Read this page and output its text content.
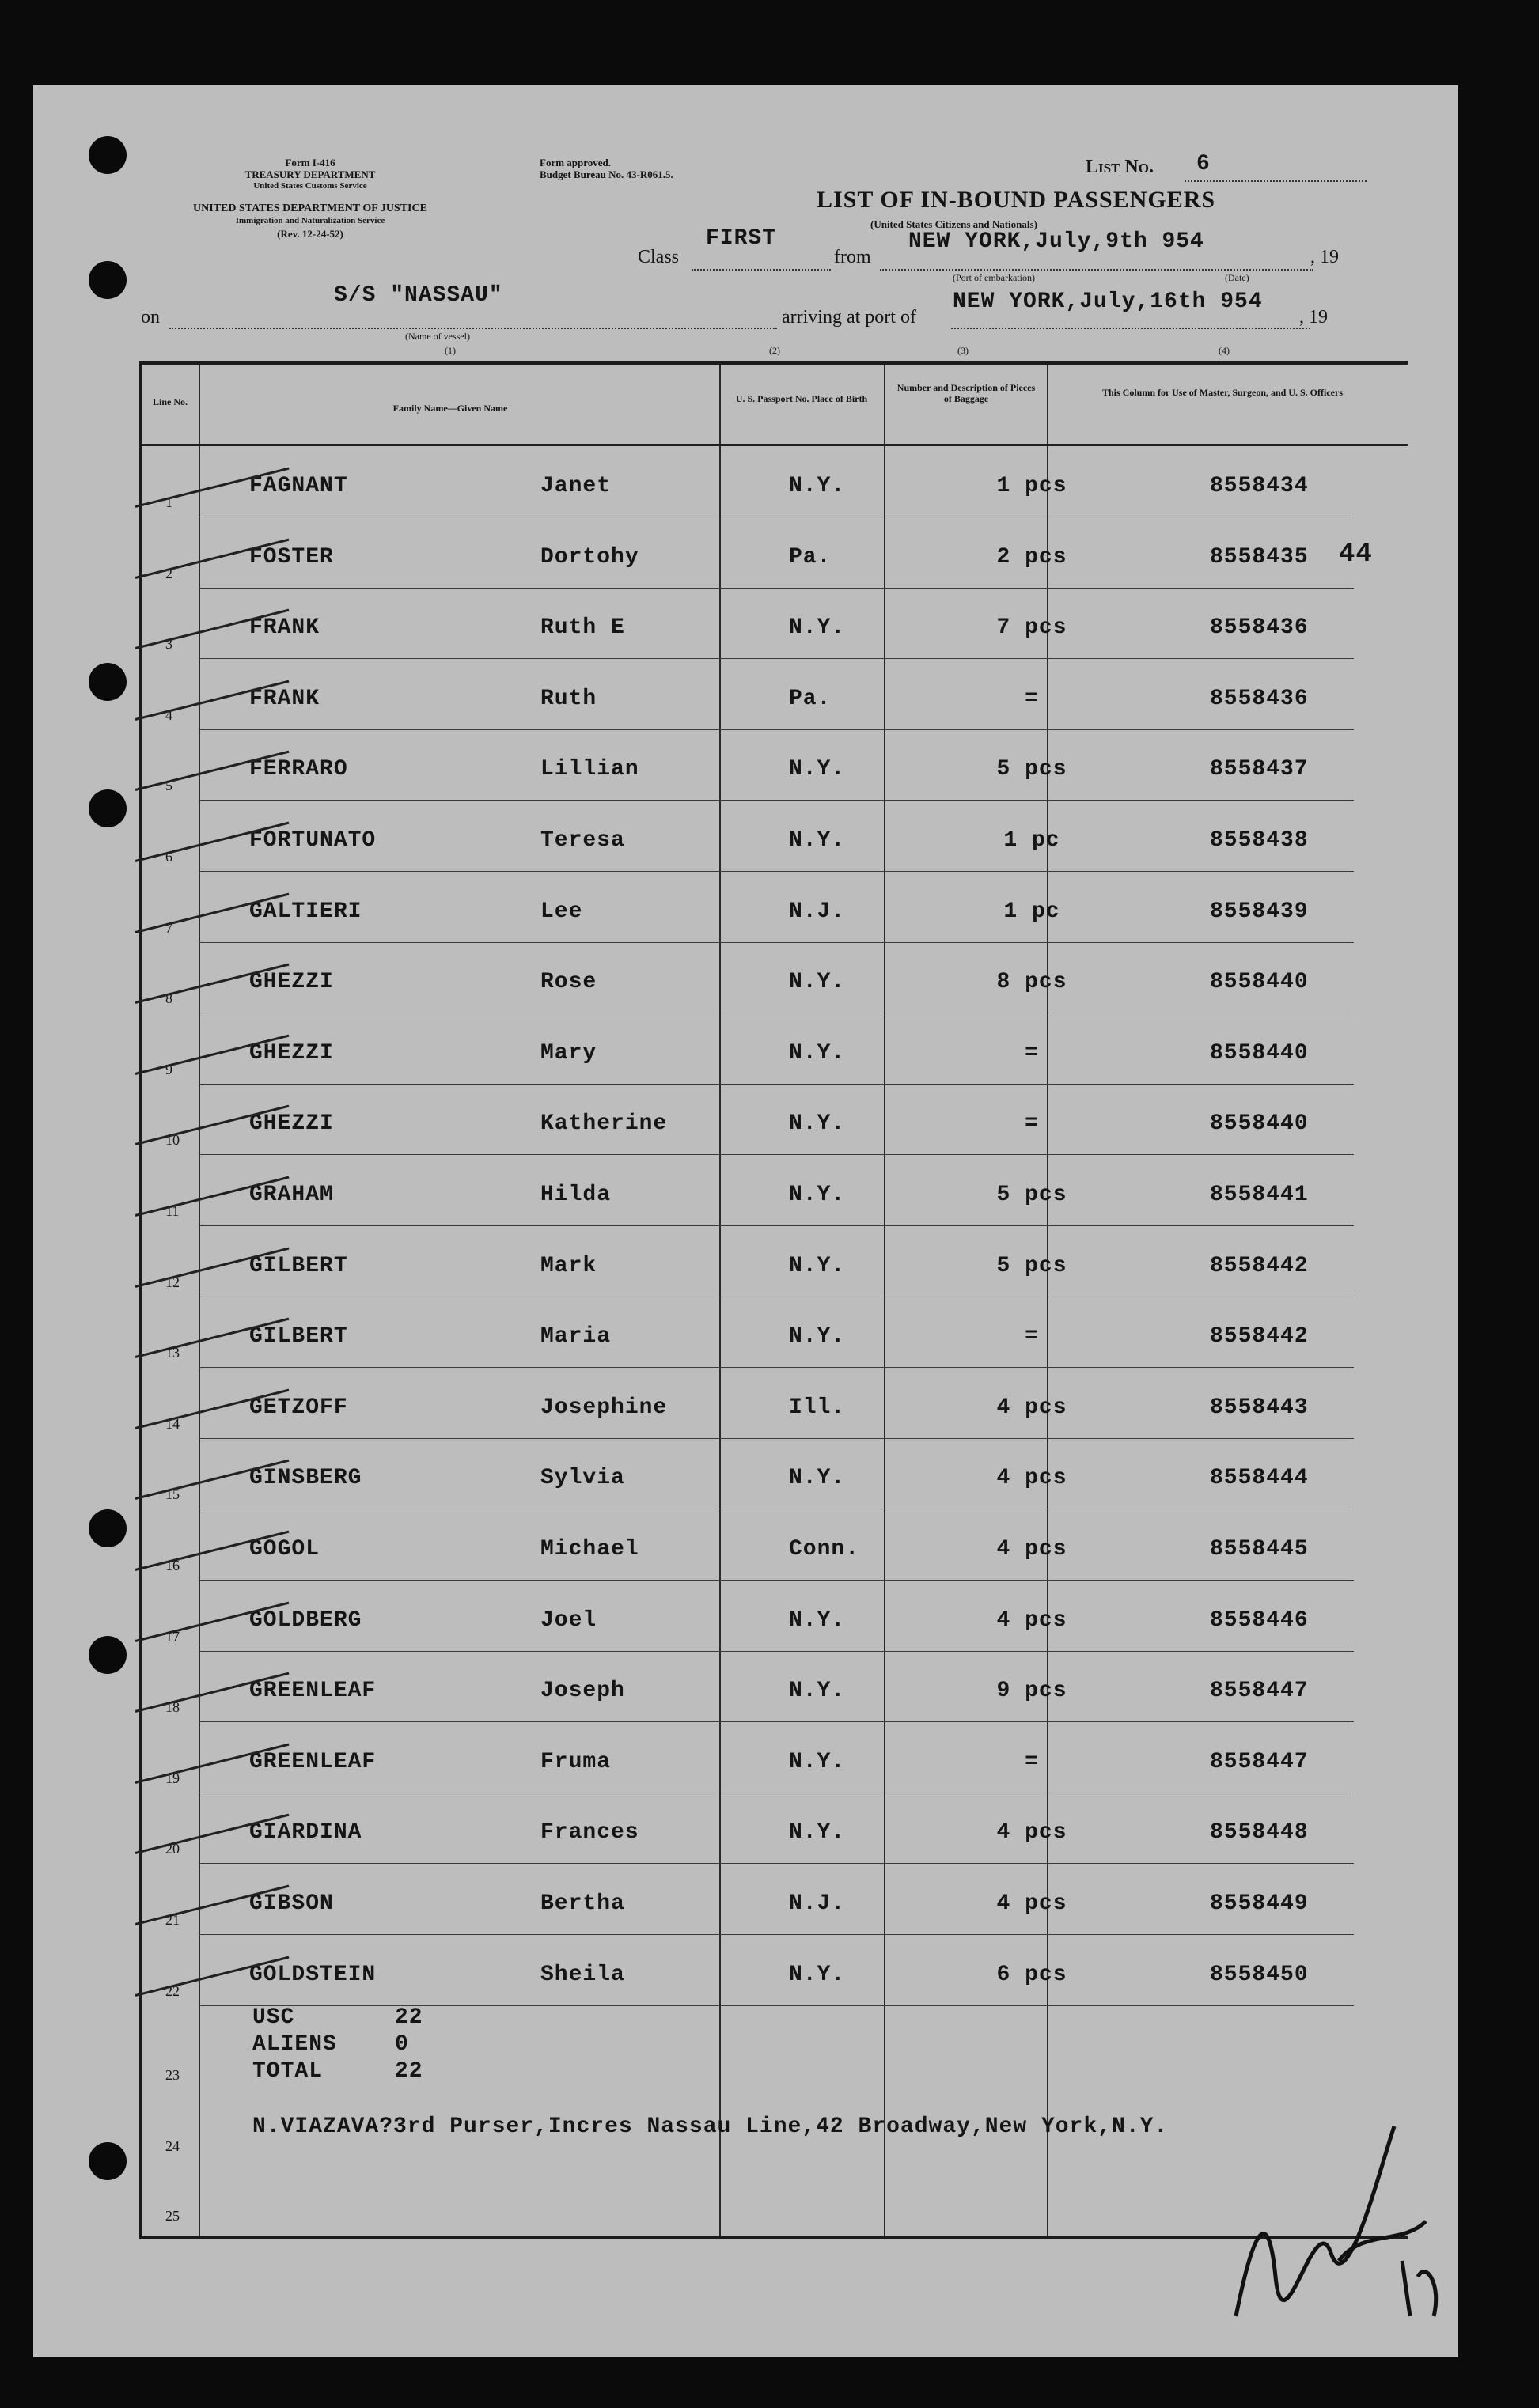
Form I-416
TREASURY DEPARTMENT
United States Customs Service
UNITED STATES DEPARTMENT OF JUSTICE
Immigration and Naturalization Service
(Rev. 12-24-52)
Form approved.
Budget Bureau No. 43-R061.5.
LIST OF IN-BOUND PASSENGERS
(United States Citizens and Nationals)
List No. 6
Class
FIRST
from
NEW YORK,July,9th 954
, 19
(Port of embarkation)	(Date)
on
S/S "NASSAU"
(Name of vessel)
arriving at port of
NEW YORK,July,16th 954
, 19
(1)	(2)	(3)	(4)
44
Line No.
Family Name—Given Name
U. S. Passport No. Place of Birth
Number and Description of Pieces of Baggage
This Column for Use of Master, Surgeon, and U. S. Officers
1
FAGNANT	Janet	N.Y.	1 pcs	8558434
2
FOSTER	Dortohy	Pa.	2 pcs	8558435
3
FRANK	Ruth E	N.Y.	7 pcs	8558436
4
FRANK	Ruth	Pa.	=	8558436
5
FERRARO	Lillian	N.Y.	5 pcs	8558437
6
FORTUNATO	Teresa	N.Y.	1 pc	8558438
7
GALTIERI	Lee	N.J.	1 pc	8558439
8
GHEZZI	Rose	N.Y.	8 pcs	8558440
9
GHEZZI	Mary	N.Y.	=	8558440
10
GHEZZI	Katherine	N.Y.	=	8558440
11
GRAHAM	Hilda	N.Y.	5 pcs	8558441
12
GILBERT	Mark	N.Y.	5 pcs	8558442
13
GILBERT	Maria	N.Y.	=	8558442
14
GETZOFF	Josephine	Ill.	4 pcs	8558443
15
GINSBERG	Sylvia	N.Y.	4 pcs	8558444
16
GOGOL	Michael	Conn.	4 pcs	8558445
17
GOLDBERG	Joel	N.Y.	4 pcs	8558446
18
GREENLEAF	Joseph	N.Y.	9 pcs	8558447
19
GREENLEAF	Fruma	N.Y.	=	8558447
20
GIARDINA	Frances	N.Y.	4 pcs	8558448
21
GIBSON	Bertha	N.J.	4 pcs	8558449
22
GOLDSTEIN	Sheila	N.Y.	6 pcs	8558450
23
24
25
USC	22
ALIENS	0
TOTAL	22
N.VIAZAVA?3rd Purser,Incres Nassau Line,42 Broadway,New York,N.Y.
